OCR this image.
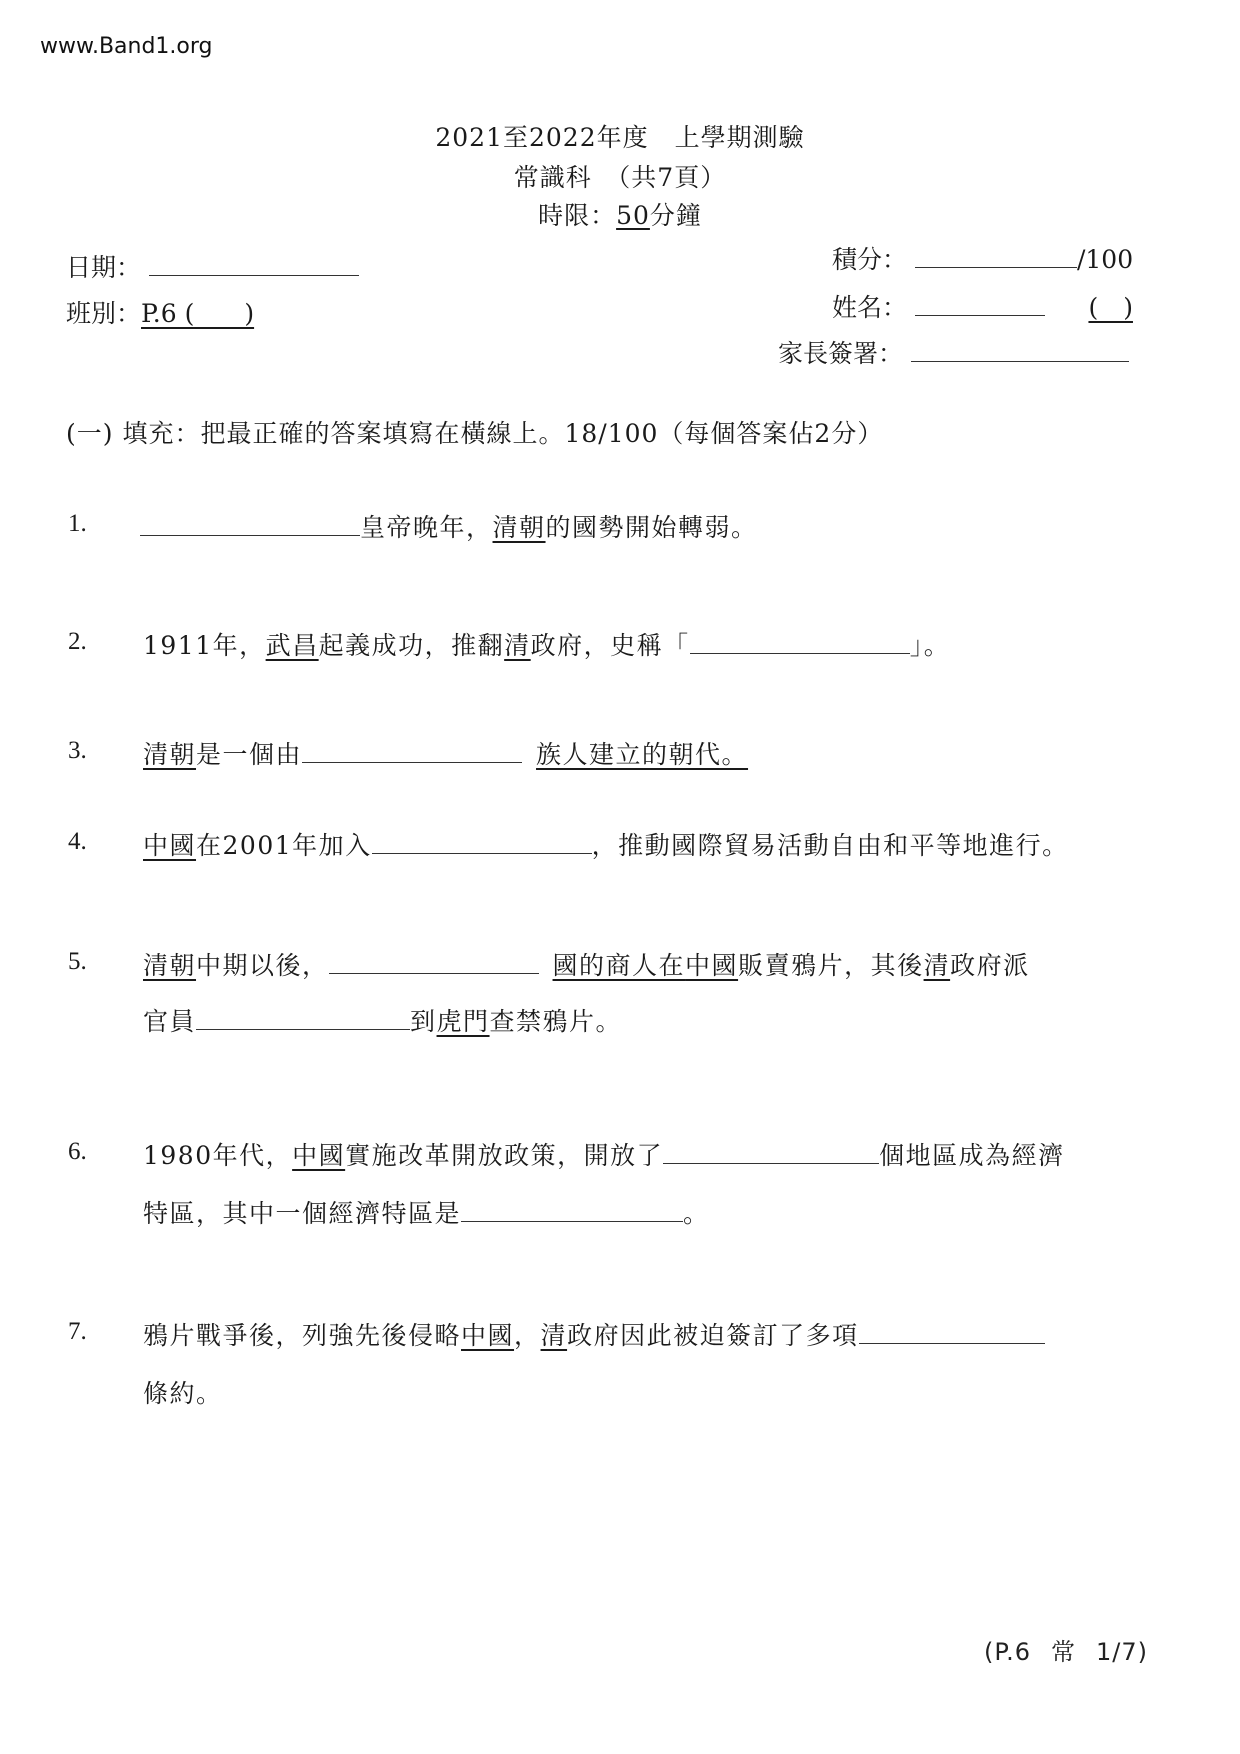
www.Band1.org
2021至2022年度　上學期測驗
常識科　（共7頁）
時限：50分鐘
日期：
班別：P.6 (　　)
積分：	/100
姓名：	(　)
家長簽署：
(一) 填充：把最正確的答案填寫在橫線上。18/100（每個答案佔2分）
1.	皇帝晚年，清朝的國勢開始轉弱。
2. 1911年，武昌起義成功，推翻清政府，史稱「	」。
3. 清朝是一個由	族人建立的朝代。
4. 中國在2001年加入	，推動國際貿易活動自由和平等地進行。
5. 清朝中期以後，	國的商人在中國販賣鴉片，其後清政府派
官員	到虎門查禁鴉片。
6. 1980年代，中國實施改革開放政策，開放了	個地區成為經濟
特區，其中一個經濟特區是	。
7. 鴉片戰爭後，列強先後侵略中國，清政府因此被迫簽訂了多項
條約。
(P.6 常 1/7)
